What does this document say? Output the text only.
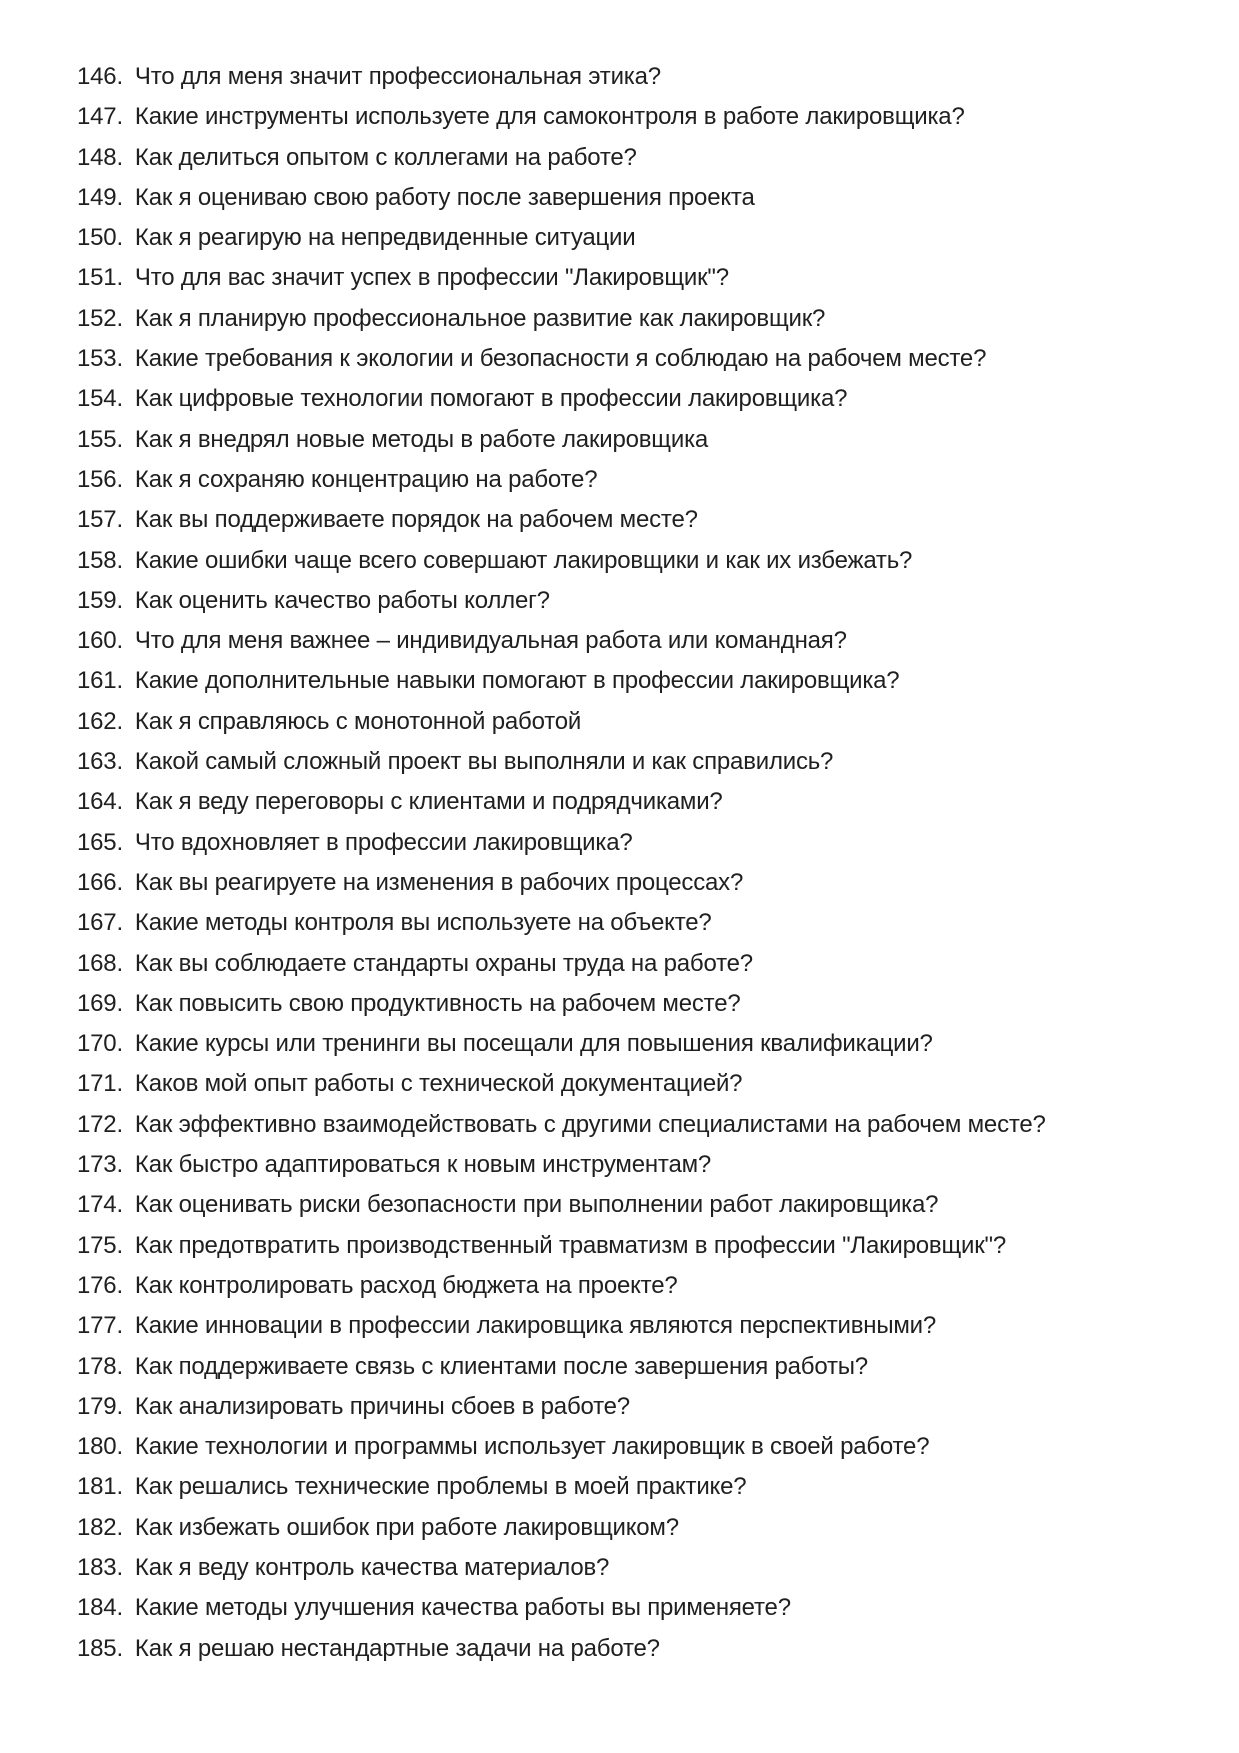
146. Что для меня значит профессиональная этика?
147. Какие инструменты используете для самоконтроля в работе лакировщика?
148. Как делиться опытом с коллегами на работе?
149. Как я оцениваю свою работу после завершения проекта
150. Как я реагирую на непредвиденные ситуации
151. Что для вас значит успех в профессии "Лакировщик"?
152. Как я планирую профессиональное развитие как лакировщик?
153. Какие требования к экологии и безопасности я соблюдаю на рабочем месте?
154. Как цифровые технологии помогают в профессии лакировщика?
155. Как я внедрял новые методы в работе лакировщика
156. Как я сохраняю концентрацию на работе?
157. Как вы поддерживаете порядок на рабочем месте?
158. Какие ошибки чаще всего совершают лакировщики и как их избежать?
159. Как оценить качество работы коллег?
160. Что для меня важнее – индивидуальная работа или командная?
161. Какие дополнительные навыки помогают в профессии лакировщика?
162. Как я справляюсь с монотонной работой
163. Какой самый сложный проект вы выполняли и как справились?
164. Как я веду переговоры с клиентами и подрядчиками?
165. Что вдохновляет в профессии лакировщика?
166. Как вы реагируете на изменения в рабочих процессах?
167. Какие методы контроля вы используете на объекте?
168. Как вы соблюдаете стандарты охраны труда на работе?
169. Как повысить свою продуктивность на рабочем месте?
170. Какие курсы или тренинги вы посещали для повышения квалификации?
171. Каков мой опыт работы с технической документацией?
172. Как эффективно взаимодействовать с другими специалистами на рабочем месте?
173. Как быстро адаптироваться к новым инструментам?
174. Как оценивать риски безопасности при выполнении работ лакировщика?
175. Как предотвратить производственный травматизм в профессии "Лакировщик"?
176. Как контролировать расход бюджета на проекте?
177. Какие инновации в профессии лакировщика являются перспективными?
178. Как поддерживаете связь с клиентами после завершения работы?
179. Как анализировать причины сбоев в работе?
180. Какие технологии и программы использует лакировщик в своей работе?
181. Как решались технические проблемы в моей практике?
182. Как избежать ошибок при работе лакировщиком?
183. Как я веду контроль качества материалов?
184. Какие методы улучшения качества работы вы применяете?
185. Как я решаю нестандартные задачи на работе?
